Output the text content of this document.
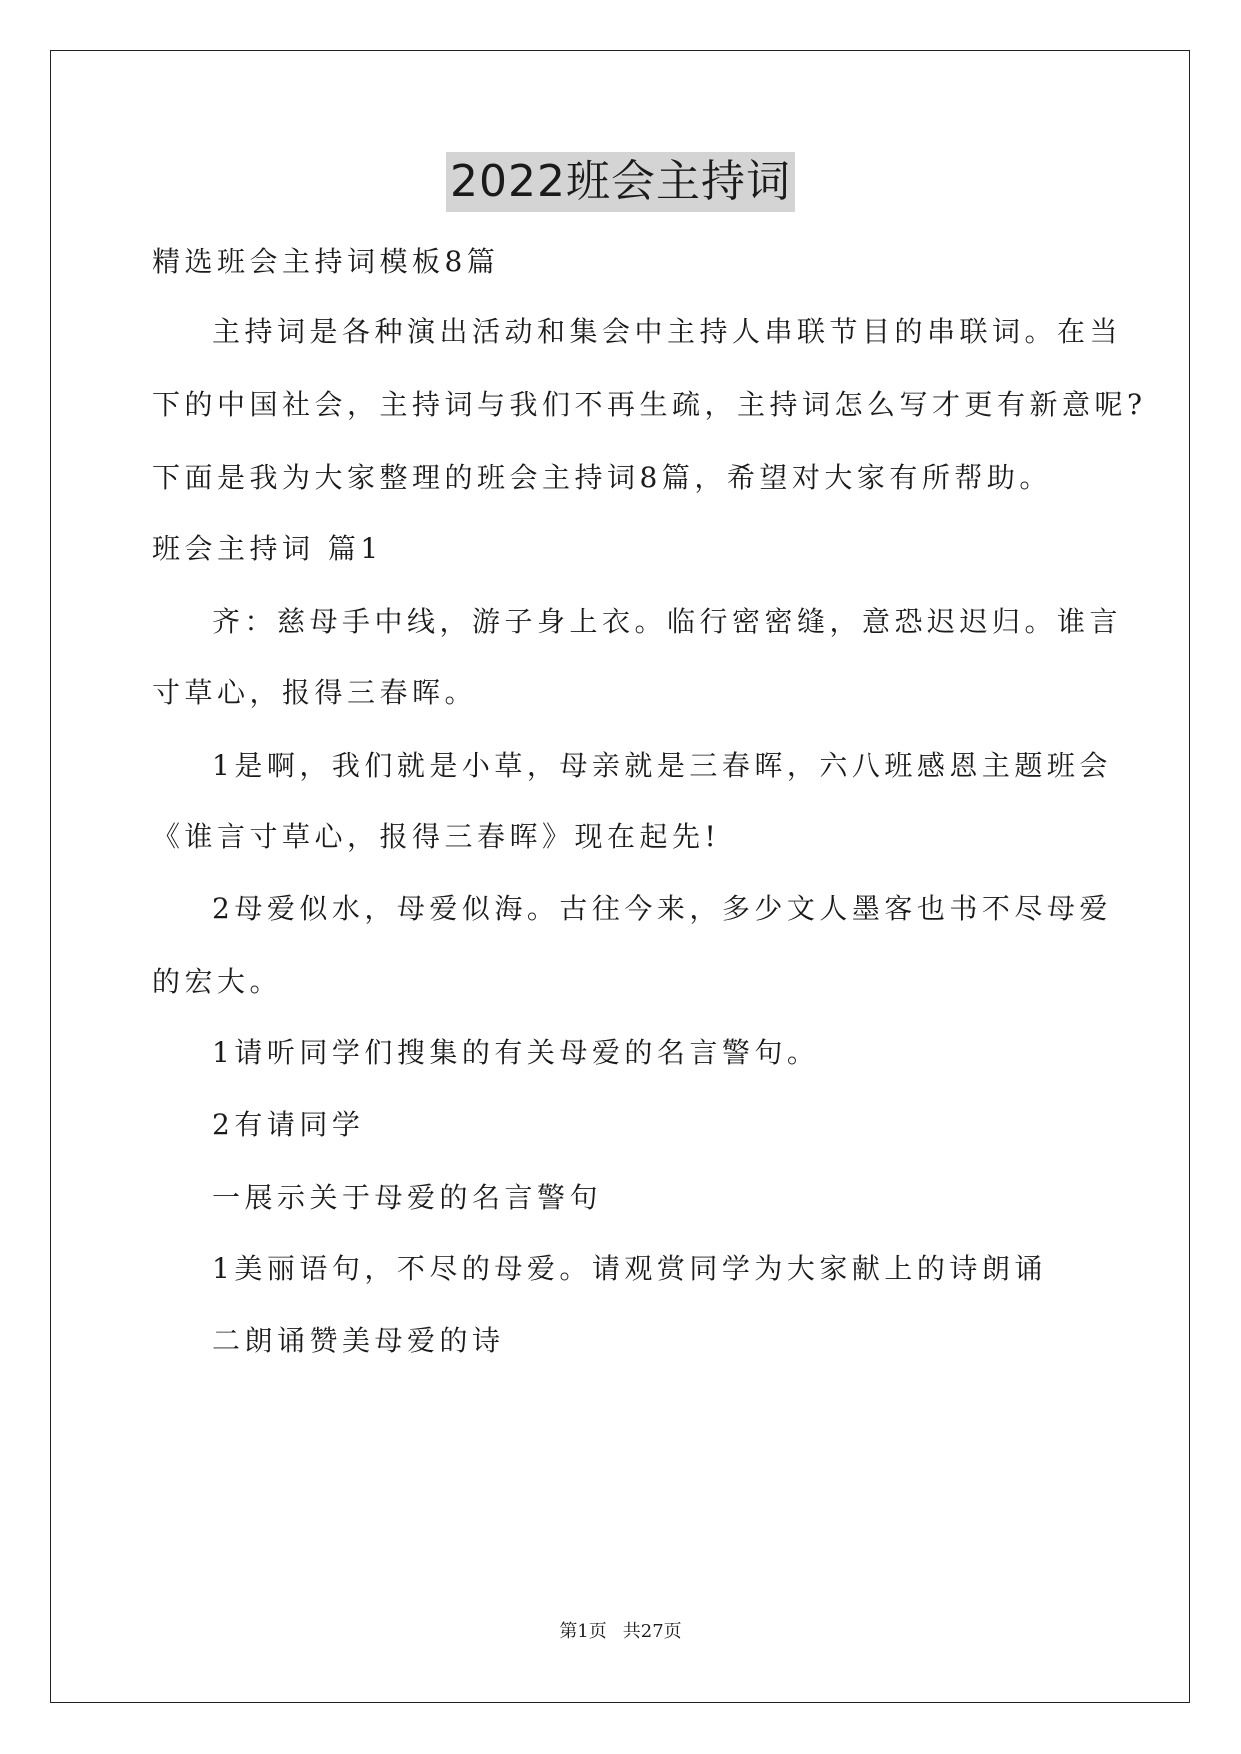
2022班会主持词
精选班会主持词模板8篇
主持词是各种演出活动和集会中主持人串联节目的串联词。在当
下的中国社会，主持词与我们不再生疏，主持词怎么写才更有新意呢?
下面是我为大家整理的班会主持词8篇，希望对大家有所帮助。
班会主持词 篇1
齐：慈母手中线，游子身上衣。临行密密缝，意恐迟迟归。谁言
寸草心，报得三春晖。
1是啊，我们就是小草，母亲就是三春晖，六八班感恩主题班会
《谁言寸草心，报得三春晖》现在起先!
2母爱似水，母爱似海。古往今来，多少文人墨客也书不尽母爱
的宏大。
1请听同学们搜集的有关母爱的名言警句。
2有请同学
一展示关于母爱的名言警句
1美丽语句，不尽的母爱。请观赏同学为大家献上的诗朗诵
二朗诵赞美母爱的诗
第1页 共27页
